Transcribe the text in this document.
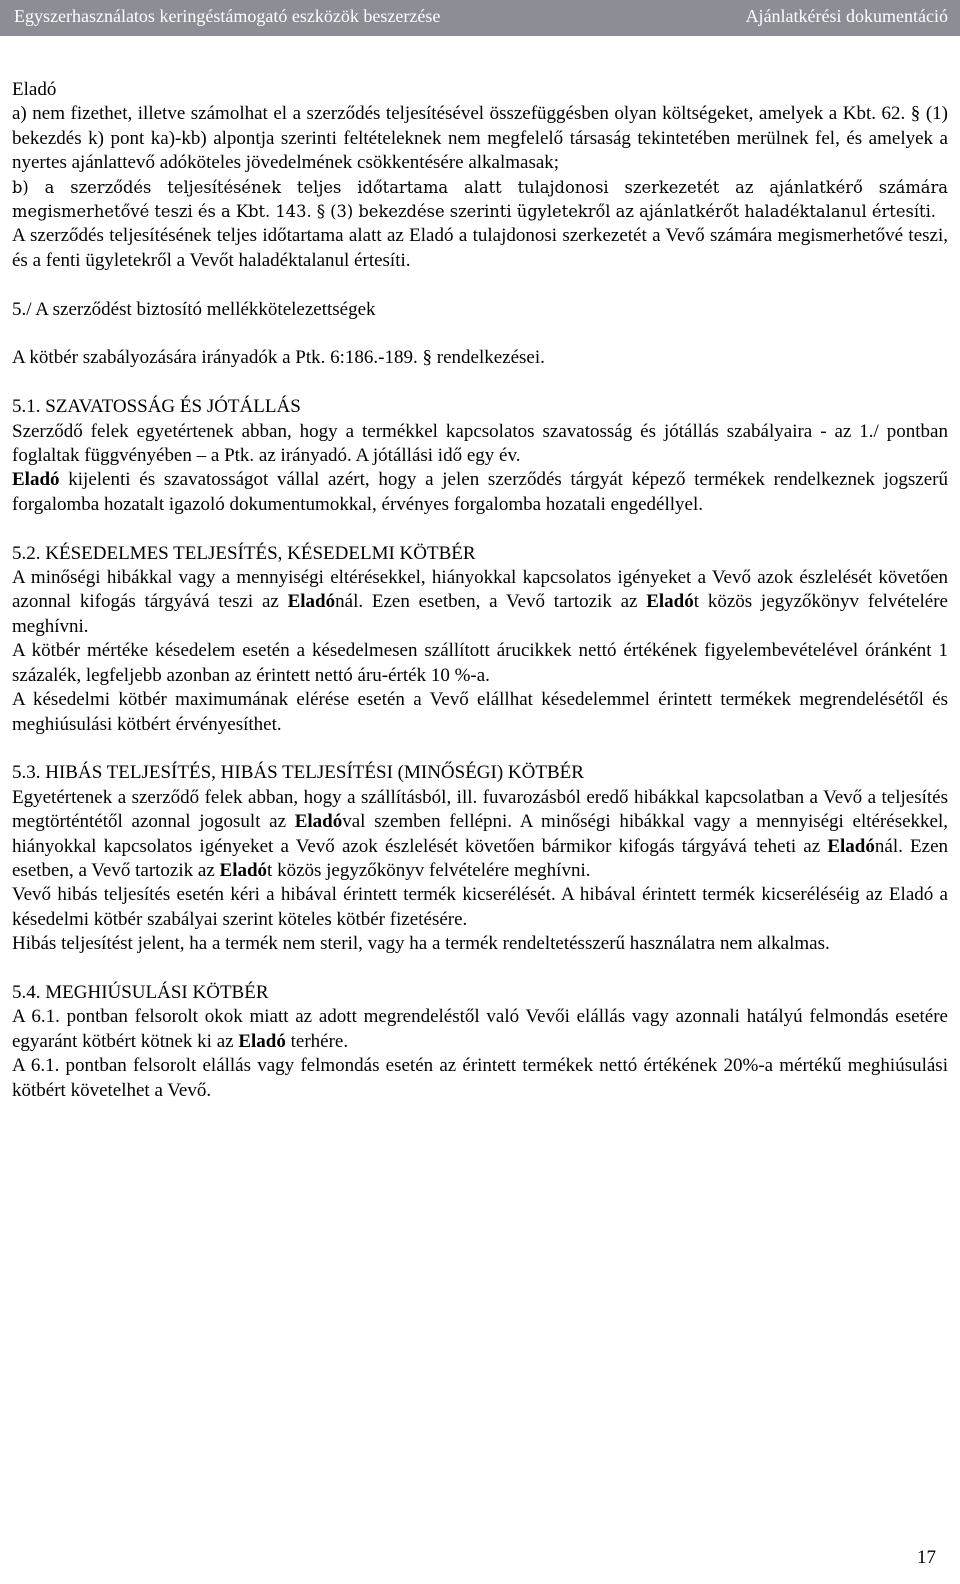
Egyszerhasználatos keringéstámogató eszközök beszerzése	Ajánlatkérési dokumentáció

Eladó

a) nem fizethet, illetve számolhat el a szerződés teljesítésével összefüggésben olyan költségeket, amelyek a Kbt. 62. § (1) bekezdés k) pont ka)-kb) alpontja szerinti feltételeknek nem megfelelő társaság tekintetében merülnek fel, és amelyek a nyertes ajánlattevő adóköteles jövedelmének csökkentésére alkalmasak;

b) a szerződés teljesítésének teljes időtartama alatt tulajdonosi szerkezetét az ajánlatkérő számára megismerhetővé teszi és a Kbt. 143. § (3) bekezdése szerinti ügyletekről az ajánlatkérőt haladéktalanul értesíti.

A szerződés teljesítésének teljes időtartama alatt az Eladó a tulajdonosi szerkezetét a Vevő számára megismerhetővé teszi, és a fenti ügyletekről a Vevőt haladéktalanul értesíti.

5./ A szerződést biztosító mellékkötelezettségek

A kötbér szabályozására irányadók a Ptk. 6:186.-189. § rendelkezései.

5.1. SZAVATOSSÁG ÉS JÓTÁLLÁS

Szerződő felek egyetértenek abban, hogy a termékkel kapcsolatos szavatosság és jótállás szabályaira - az 1./ pontban foglaltak függvényében – a Ptk. az irányadó. A jótállási idő egy év.

Eladó kijelenti és szavatosságot vállal azért, hogy a jelen szerződés tárgyát képező termékek rendelkeznek jogszerű forgalomba hozatalt igazoló dokumentumokkal, érvényes forgalomba hozatali engedéllyel.

5.2. KÉSEDELMES TELJESÍTÉS, KÉSEDELMI KÖTBÉR

A minőségi hibákkal vagy a mennyiségi eltérésekkel, hiányokkal kapcsolatos igényeket a Vevő azok észlelését követően azonnal kifogás tárgyává teszi az Eladónál. Ezen esetben, a Vevő tartozik az Eladót közös jegyzőkönyv felvételére meghívni.

A kötbér mértéke késedelem esetén a késedelmesen szállított árucikkek nettó értékének figyelembevételével óránként 1 százalék, legfeljebb azonban az érintett nettó áru-érték 10 %-a.

A késedelmi kötbér maximumának elérése esetén a Vevő elállhat késedelemmel érintett termékek megrendelésétől és meghiúsulási kötbért érvényesíthet.

5.3. HIBÁS TELJESÍTÉS, HIBÁS TELJESÍTÉSI (MINŐSÉGI) KÖTBÉR

Egyetértenek a szerződő felek abban, hogy a szállításból, ill. fuvarozásból eredő hibákkal kapcsolatban a Vevő a teljesítés megtörténtétől azonnal jogosult az Eladóval szemben fellépni. A minőségi hibákkal vagy a mennyiségi eltérésekkel, hiányokkal kapcsolatos igényeket a Vevő azok észlelését követően bármikor kifogás tárgyává teheti az Eladónál. Ezen esetben, a Vevő tartozik az Eladót közös jegyzőkönyv felvételére meghívni.

Vevő hibás teljesítés esetén kéri a hibával érintett termék kicserélését. A hibával érintett termék kicseréléséig az Eladó a késedelmi kötbér szabályai szerint köteles kötbér fizetésére.

Hibás teljesítést jelent, ha a termék nem steril, vagy ha a termék rendeltetésszerű használatra nem alkalmas.

5.4. MEGHIÚSULÁSI KÖTBÉR

A 6.1. pontban felsorolt okok miatt az adott megrendeléstől való Vevői elállás vagy azonnali hatályú felmondás esetére egyaránt kötbért kötnek ki az Eladó terhére.

A 6.1. pontban felsorolt elállás vagy felmondás esetén az érintett termékek nettó értékének 20%-a mértékű meghiúsulási kötbért követelhet a Vevő.

17
